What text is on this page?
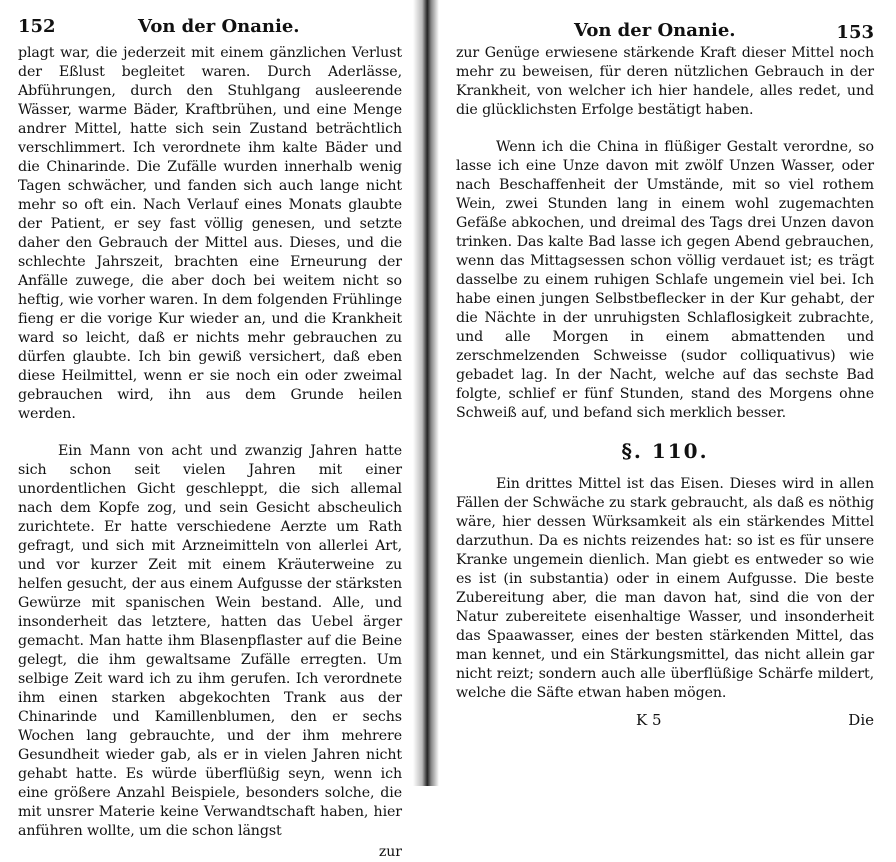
152	Von der Onanie.

plagt war, die jederzeit mit einem gänzlichen Verlust der Eßlust begleitet waren. Durch Aderlässe, Abführungen, durch den Stuhlgang ausleerende Wässer, warme Bäder, Kraftbrühen, und eine Menge andrer Mittel, hatte sich sein Zustand beträchtlich verschlimmert. Ich verordnete ihm kalte Bäder und die Chinarinde. Die Zufälle wurden innerhalb wenig Tagen schwächer, und fanden sich auch lange nicht mehr so oft ein. Nach Verlauf eines Monats glaubte der Patient, er sey fast völlig genesen, und setzte daher den Gebrauch der Mittel aus. Dieses, und die schlechte Jahrszeit, brachten eine Erneurung der Anfälle zuwege, die aber doch bei weitem nicht so heftig, wie vorher waren. In dem folgenden Frühlinge fieng er die vorige Kur wieder an, und die Krankheit ward so leicht, daß er nichts mehr gebrauchen zu dürfen glaubte. Ich bin gewiß versichert, daß eben diese Heilmittel, wenn er sie noch ein oder zweimal gebrauchen wird, ihn aus dem Grunde heilen werden.

Ein Mann von acht und zwanzig Jahren hatte sich schon seit vielen Jahren mit einer unordentlichen Gicht geschleppt, die sich allemal nach dem Kopfe zog, und sein Gesicht abscheulich zurichtete. Er hatte verschiedene Aerzte um Rath gefragt, und sich mit Arzneimitteln von allerlei Art, und vor kurzer Zeit mit einem Kräuterweine zu helfen gesucht, der aus einem Aufgusse der stärksten Gewürze mit spanischen Wein bestand. Alle, und insonderheit das letztere, hatten das Uebel ärger gemacht. Man hatte ihm Blasenpflaster auf die Beine gelegt, die ihm gewaltsame Zufälle erregten. Um selbige Zeit ward ich zu ihm gerufen. Ich verordnete ihm einen starken abgekochten Trank aus der Chinarinde und Kamillenblumen, den er sechs Wochen lang gebrauchte, und der ihm mehrere Gesundheit wieder gab, als er in vielen Jahren nicht gehabt hatte. Es würde überflüßig seyn, wenn ich eine größere Anzahl Beispiele, besonders solche, die mit unsrer Materie keine Verwandtschaft haben, hier anführen wollte, um die schon längst

zur
Von der Onanie.	153

zur Genüge erwiesene stärkende Kraft dieser Mittel noch mehr zu beweisen, für deren nützlichen Gebrauch in der Krankheit, von welcher ich hier handele, alles redet, und die glücklichsten Erfolge bestätigt haben.

Wenn ich die China in flüßiger Gestalt verordne, so lasse ich eine Unze davon mit zwölf Unzen Wasser, oder nach Beschaffenheit der Umstände, mit so viel rothem Wein, zwei Stunden lang in einem wohl zugemachten Gefäße abkochen, und dreimal des Tags drei Unzen davon trinken. Das kalte Bad lasse ich gegen Abend gebrauchen, wenn das Mittagsessen schon völlig verdauet ist; es trägt dasselbe zu einem ruhigen Schlafe ungemein viel bei. Ich habe einen jungen Selbstbeflecker in der Kur gehabt, der die Nächte in der unruhigsten Schlaflosigkeit zubrachte, und alle Morgen in einem abmattenden und zerschmelzenden Schweisse (sudor colliquativus) wie gebadet lag. In der Nacht, welche auf das sechste Bad folgte, schlief er fünf Stunden, stand des Morgens ohne Schweiß auf, und befand sich merklich besser.

§. 110.

Ein drittes Mittel ist das Eisen. Dieses wird in allen Fällen der Schwäche zu stark gebraucht, als daß es nöthig wäre, hier dessen Würksamkeit als ein stärkendes Mittel darzuthun. Da es nichts reizendes hat: so ist es für unsere Kranke ungemein dienlich. Man giebt es entweder so wie es ist (in substantia) oder in einem Aufgusse. Die beste Zubereitung aber, die man davon hat, sind die von der Natur zubereitete eisenhaltige Wasser, und insonderheit das Spaawasser, eines der besten stärkenden Mittel, das man kennet, und ein Stärkungsmittel, das nicht allein gar nicht reizt; sondern auch alle überflüßige Schärfe mildert, welche die Säfte etwan haben mögen.

K 5	Die
